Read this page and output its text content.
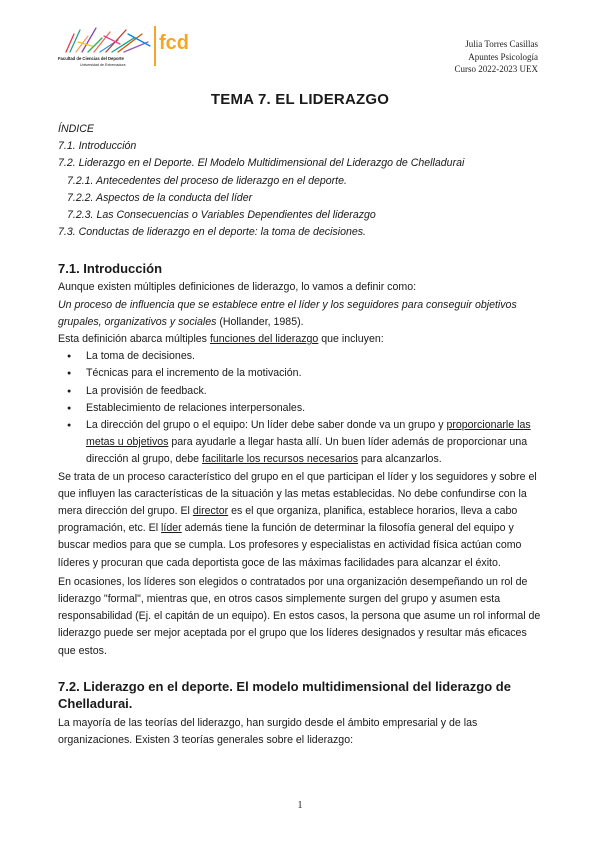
fcd
Facultad de Ciencias del Deporte
Universidad de Extremadura
Julia Torres Casillas
Apuntes Psicología
Curso 2022-2023 UEX
TEMA 7. EL LIDERAZGO

ÍNDICE

7.1. Introducción

7.2. Liderazgo en el Deporte. El Modelo Multidimensional del Liderazgo de Chelladurai

7.2.1. Antecedentes del proceso de liderazgo en el deporte.

7.2.2. Aspectos de la conducta del líder

7.2.3. Las Consecuencias o Variables Dependientes del liderazgo

7.3. Conductas de liderazgo en el deporte: la toma de decisiones.

7.1. Introducción

Aunque existen múltiples definiciones de liderazgo, lo vamos a definir como:

Un proceso de influencia que se establece entre el líder y los seguidores para conseguir objetivos grupales, organizativos y sociales (Hollander, 1985).

Esta definición abarca múltiples funciones del liderazgo que incluyen:

● La toma de decisiones.
● Técnicas para el incremento de la motivación.
● La provisión de feedback.
● Establecimiento de relaciones interpersonales.
● La dirección del grupo o el equipo: Un líder debe saber donde va un grupo y proporcionarle las metas u objetivos para ayudarle a llegar hasta allí. Un buen líder además de proporcionar una dirección al grupo, debe facilitarle los recursos necesarios para alcanzarlos.

Se trata de un proceso característico del grupo en el que participan el líder y los seguidores y sobre el que influyen las características de la situación y las metas establecidas. No debe confundirse con la mera dirección del grupo. El director es el que organiza, planifica, establece horarios, lleva a cabo programación, etc. El líder además tiene la función de determinar la filosofía general del equipo y buscar medios para que se cumpla. Los profesores y especialistas en actividad física actúan como líderes y procuran que cada deportista goce de las máximas facilidades para alcanzar el éxito.

En ocasiones, los líderes son elegidos o contratados por una organización desempeñando un rol de liderazgo "formal", mientras que, en otros casos simplemente surgen del grupo y asumen esta responsabilidad (Ej. el capitán de un equipo). En estos casos, la persona que asume un rol informal de liderazgo puede ser mejor aceptada por el grupo que los líderes designados y resultar más eficaces que estos.

7.2. Liderazgo en el deporte. El modelo multidimensional del liderazgo de Chelladurai.

La mayoría de las teorías del liderazgo, han surgido desde el ámbito empresarial y de las organizaciones. Existen 3 teorías generales sobre el liderazgo:

1
